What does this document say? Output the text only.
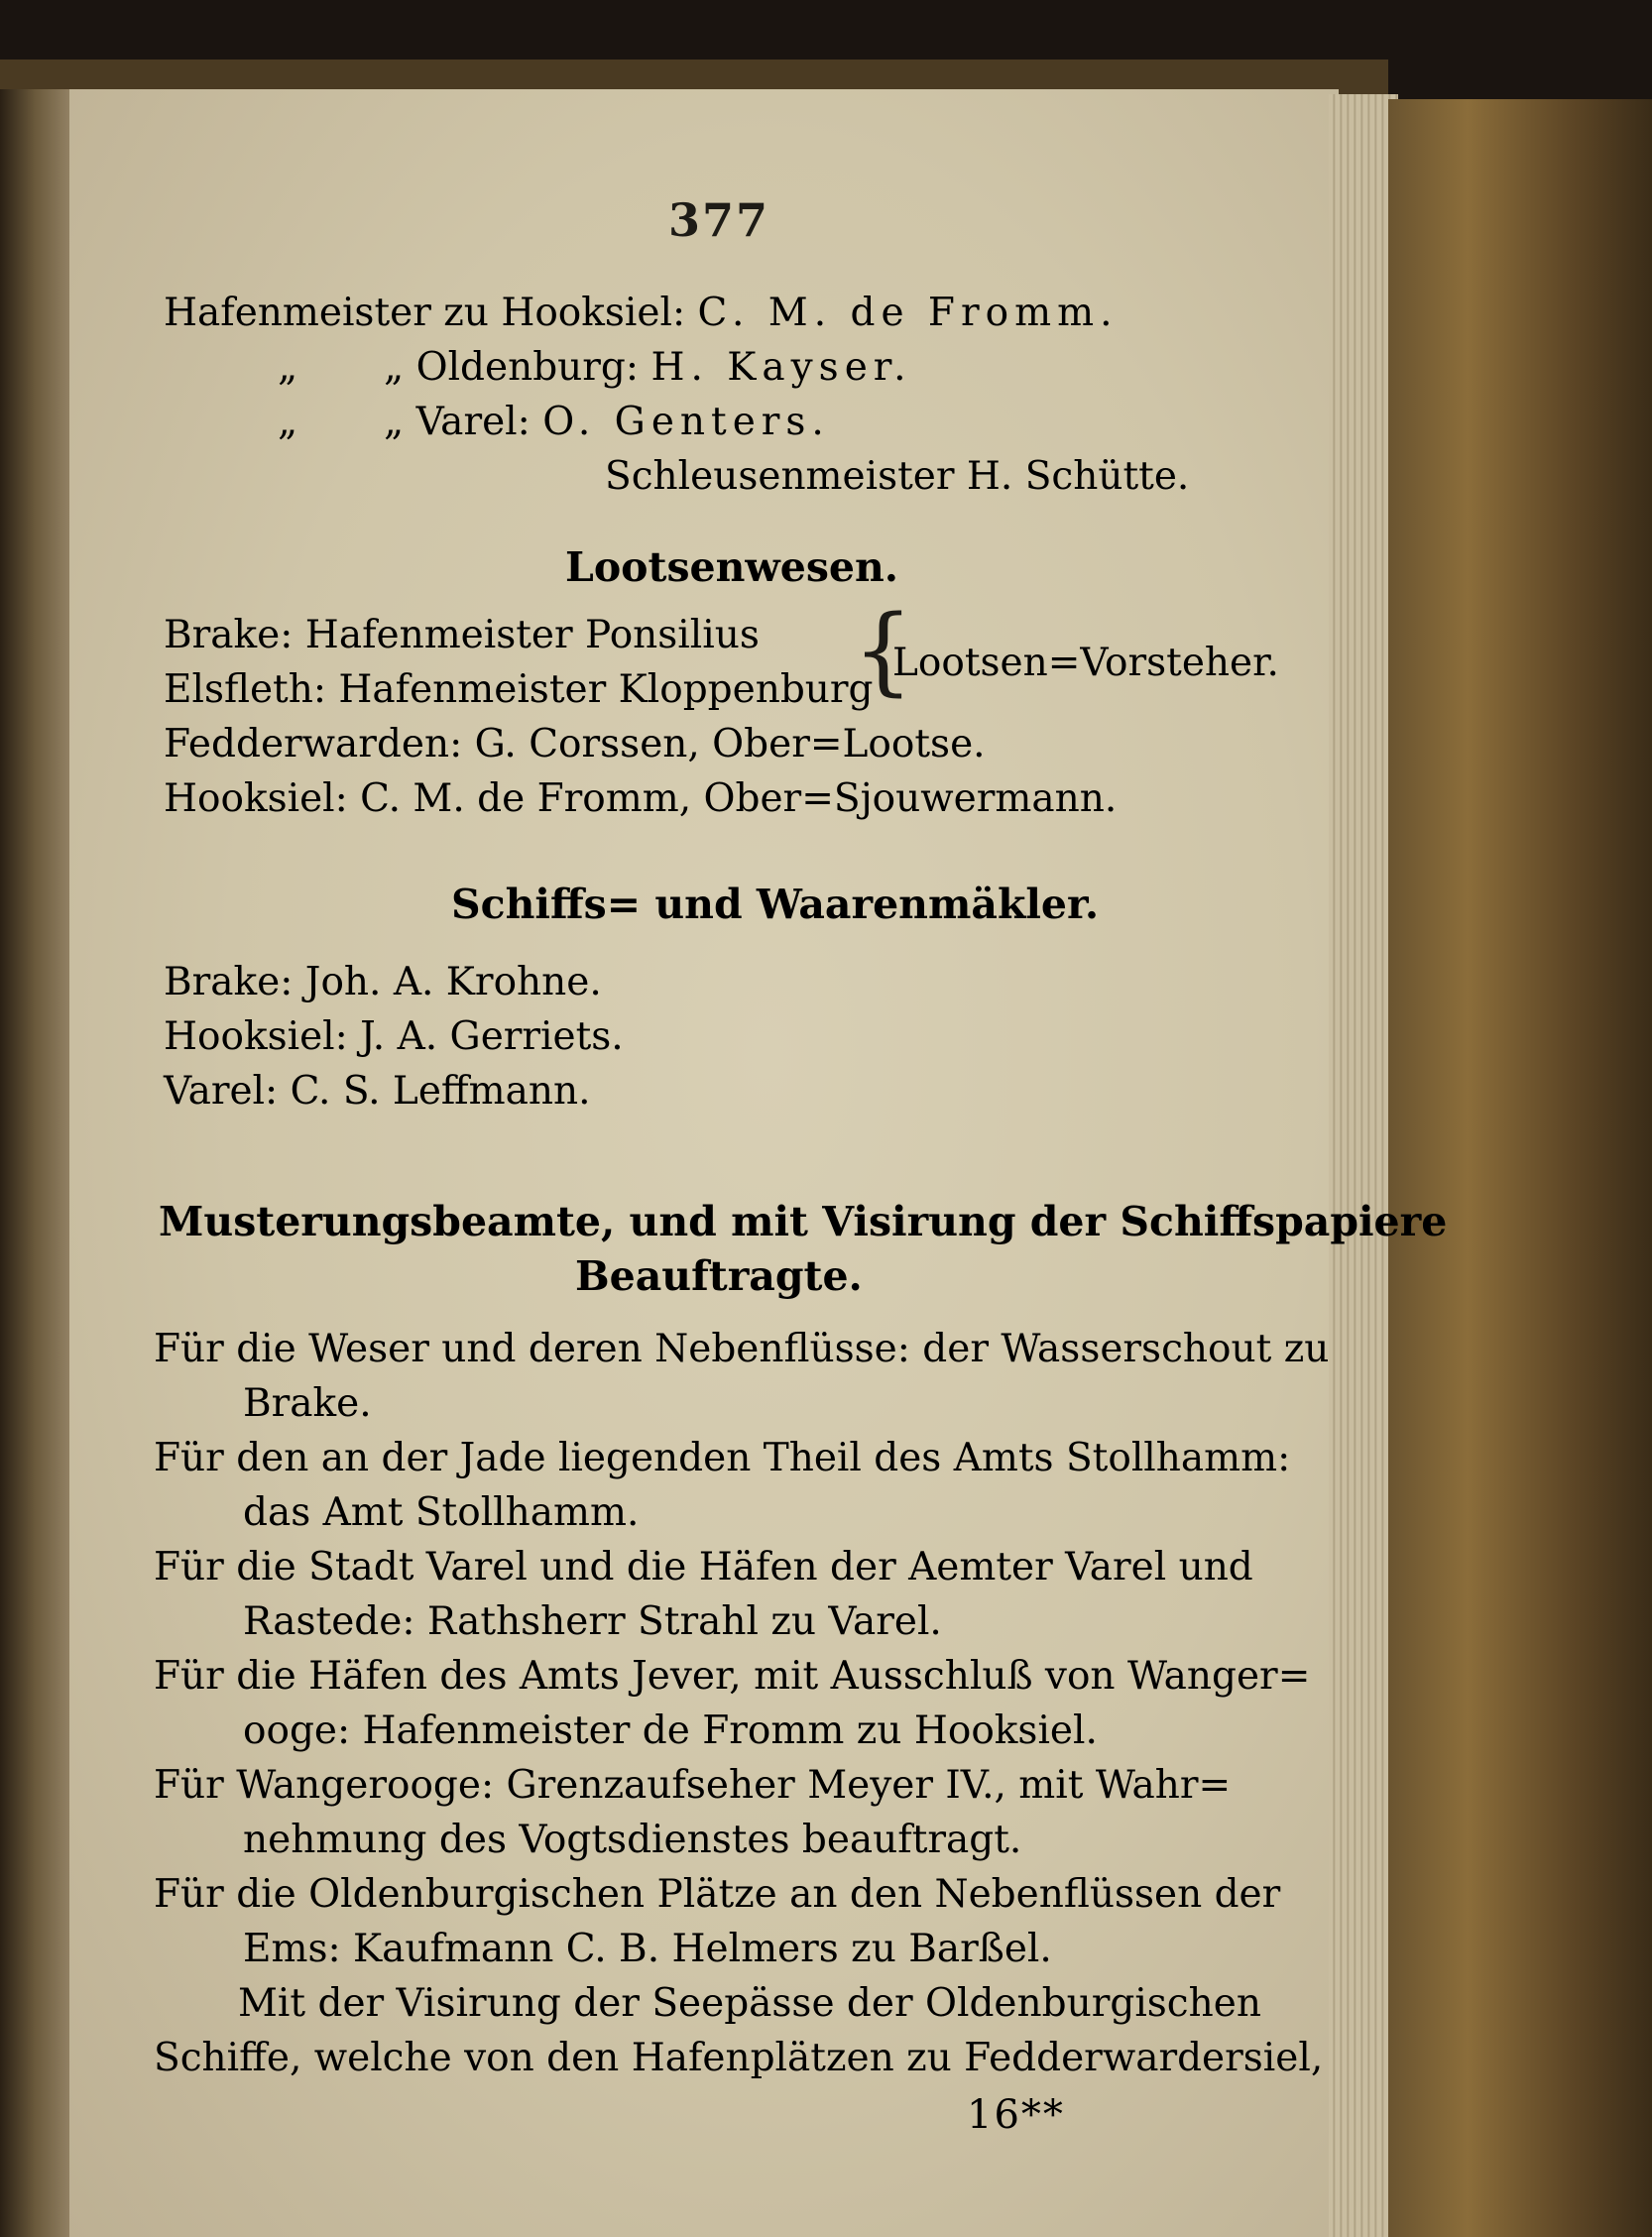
377
Hafenmeister zu Hooksiel: C. M. de Fromm.
„ „ Oldenburg: H. Kayser.
„ „ Varel: O. Genters.
Schleusenmeister H. Schütte.
Lootsenwesen.
Brake: Hafenmeister Ponsilius
Elsfleth: Hafenmeister Kloppenburg
{
Lootsen=Vorsteher.
Fedderwarden: G. Corssen, Ober=Lootse.
Hooksiel: C. M. de Fromm, Ober=Sjouwermann.
Schiffs= und Waarenmäkler.
Brake: Joh. A. Krohne.
Hooksiel: J. A. Gerriets.
Varel: C. S. Leffmann.
Musterungsbeamte, und mit Visirung der Schiffspapiere
Beauftragte.
Für die Weser und deren Nebenflüsse: der Wasserschout zu
Brake.
Für den an der Jade liegenden Theil des Amts Stollhamm:
das Amt Stollhamm.
Für die Stadt Varel und die Häfen der Aemter Varel und
Rastede: Rathsherr Strahl zu Varel.
Für die Häfen des Amts Jever, mit Ausschluß von Wanger=
ooge: Hafenmeister de Fromm zu Hooksiel.
Für Wangerooge: Grenzaufseher Meyer IV., mit Wahr=
nehmung des Vogtsdienstes beauftragt.
Für die Oldenburgischen Plätze an den Nebenflüssen der
Ems: Kaufmann C. B. Helmers zu Barßel.
Mit der Visirung der Seepässe der Oldenburgischen
Schiffe, welche von den Hafenplätzen zu Fedderwardersiel,
16**
